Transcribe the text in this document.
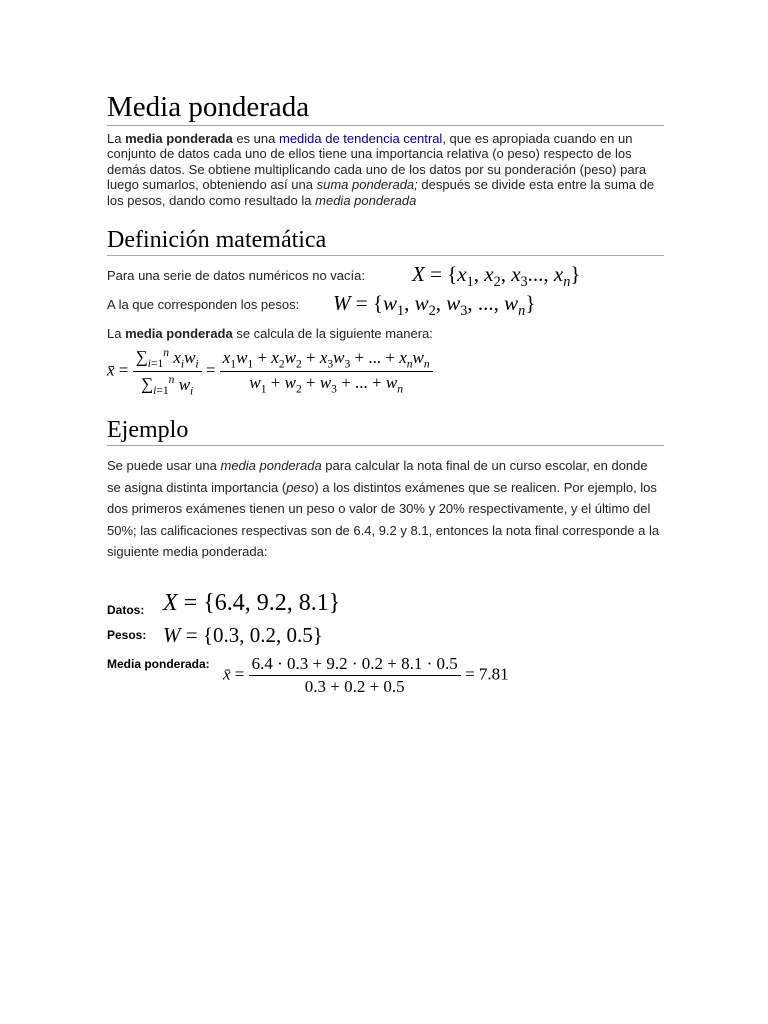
Media ponderada

La media ponderada es una medida de tendencia central, que es apropiada cuando en un conjunto de datos cada uno de ellos tiene una importancia relativa (o peso) respecto de los demás datos. Se obtiene multiplicando cada uno de los datos por su ponderación (peso) para luego sumarlos, obteniendo así una suma ponderada; después se divide esta entre la suma de los pesos, dando como resultado la media ponderada

Definición matemática
Para una serie de datos numéricos no vacía: $X = \{x_1$, $x_2$, $x_3$..., $x_n$}
A la que corresponden los pesos: $W = \{w_1$, $w_2$, $w_3$, ..., $w_n$}
La media ponderada se calcula de la siguiente manera:
x̄ = $\frac{\sum_{i=1}^n x_iw_i}{\sum_{i=1}^n w_i} = \frac{x_1w_1 + x_2w_2 + x_3w_3 + ... + x_nw_n}{w_1 + w_2 + w_3 + ... + w_n}$
Ejemplo

Se puede usar una media ponderada para calcular la nota final de un curso escolar, en donde se asigna distinta importancia (peso) a los distintos exámenes que se realicen. Por ejemplo, los dos primeros exámenes tienen un peso o valor de 30% y 20% respectivamente, y el último del 50%; las calificaciones respectivas son de 6.4, 9.2 y 8.1, entonces la nota final corresponde a la siguiente media ponderada:

Datos: X = {6.4, 9.2, 8.1}
Pesos: W = {0.3, 0.2, 0.5}
Media ponderada:
x̄ = $\frac{6.4 \cdot 0.3 + 9.2 \cdot 0.2 + 8.1 \cdot 0.5}{0.3 + 0.2 + 0.5} = 7.81$
